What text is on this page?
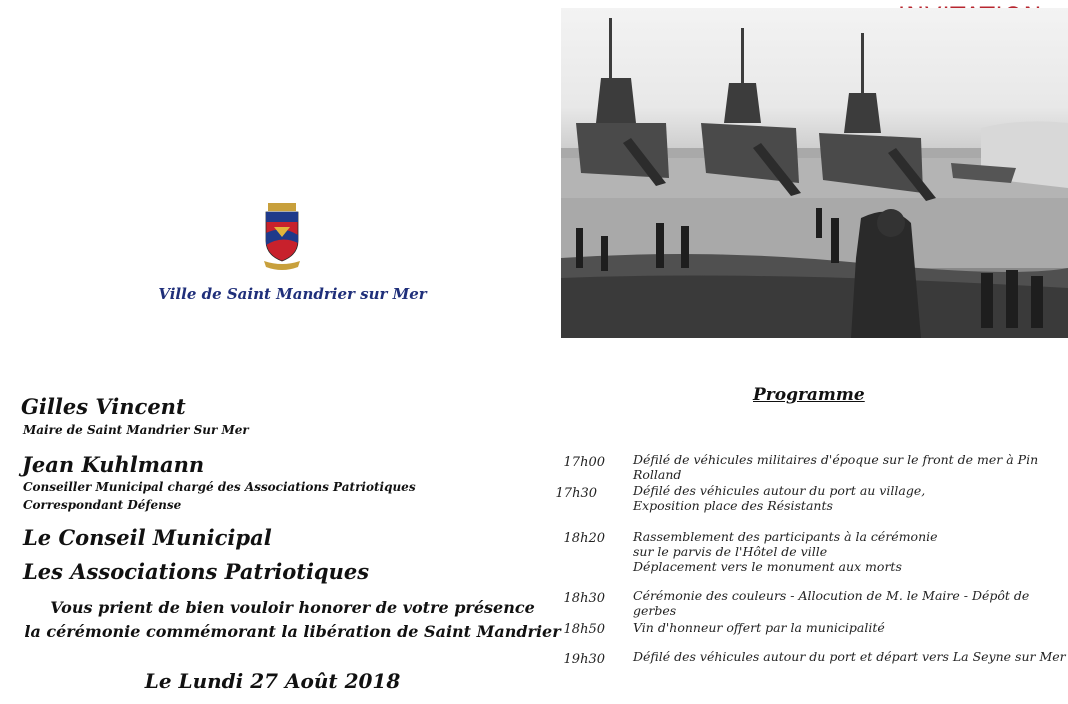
Ville de Saint Mandrier sur Mer
Gilles Vincent
Maire de Saint Mandrier Sur Mer
Jean Kuhlmann
Conseiller Municipal chargé des Associations Patriotiques
Correspondant Défense
Le Conseil Municipal
Les Associations Patriotiques
Vous prient de bien vouloir honorer de votre présence
la cérémonie commémorant la libération de Saint Mandrier
Le Lundi 27 Août 2018
Programme
17h00 Défilé de véhicules militaires d'époque sur le front de mer à Pin Rolland
17h30	Défilé des véhicules autour du port au village,
Exposition place des Résistants
18h20 Rassemblement des participants à la cérémonie
sur le parvis de l'Hôtel de ville
Déplacement vers le monument aux morts
18h30 Cérémonie des couleurs - Allocution de M. le Maire - Dépôt de gerbes
18h50 Vin d'honneur offert par la municipalité
19h30 Défilé des véhicules autour du port et départ vers La Seyne sur Mer
